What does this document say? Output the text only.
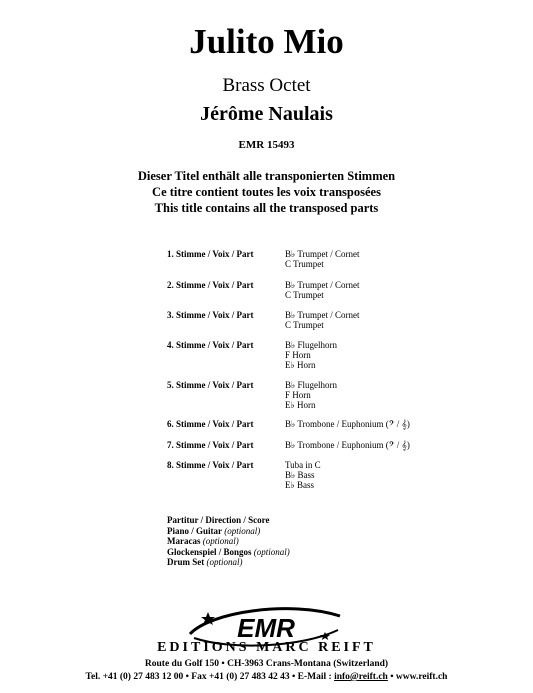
Julito Mio
Brass Octet
Jérôme Naulais
EMR 15493
Dieser Titel enthält alle transponierten Stimmen
Ce titre contient toutes les voix transposées
This title contains all the transposed parts
1. Stimme / Voix / Part	B♭ Trumpet / Cornet
C Trumpet
2. Stimme / Voix / Part	B♭ Trumpet / Cornet
C Trumpet
3. Stimme / Voix / Part	B♭ Trumpet / Cornet
C Trumpet
4. Stimme / Voix / Part	B♭ Flugelhorn
F Horn
E♭ Horn
5. Stimme / Voix / Part	B♭ Flugelhorn
F Horn
E♭ Horn
6. Stimme / Voix / Part	B♭ Trombone / Euphonium (𝄢 / 𝄞)
7. Stimme / Voix / Part	B♭ Trombone / Euphonium (𝄢 / 𝄞)
8. Stimme / Voix / Part	Tuba in C
B♭ Bass
E♭ Bass
Partitur / Direction / Score
Piano / Guitar (optional)
Maracas (optional)
Glockenspiel / Bongos (optional)
Drum Set (optional)
EMR
EDITIONS MARC REIFT
Route du Golf 150 • CH-3963 Crans-Montana (Switzerland)
Tel. +41 (0) 27 483 12 00 • Fax +41 (0) 27 483 42 43 • E-Mail : info@reift.ch • www.reift.ch
